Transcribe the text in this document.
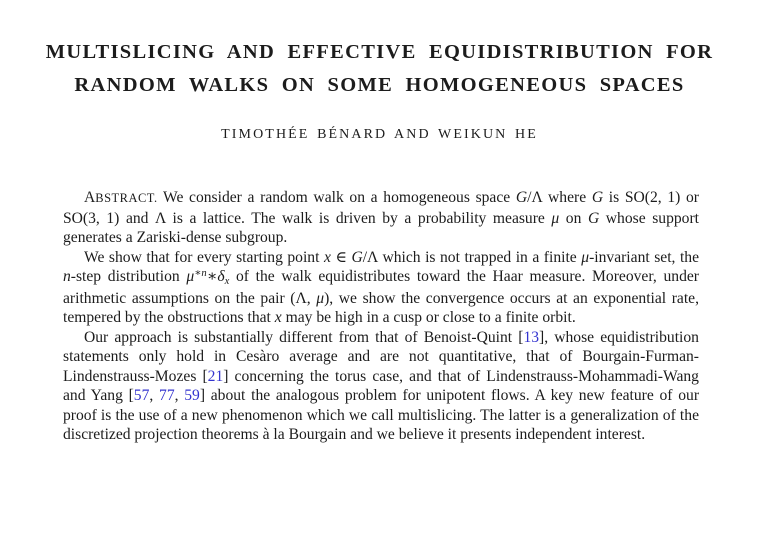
MULTISLICING AND EFFECTIVE EQUIDISTRIBUTION FOR
RANDOM WALKS ON SOME HOMOGENEOUS SPACES
TIMOTHÉE BÉNARD AND WEIKUN HE

ABSTRACT. We consider a random walk on a homogeneous space G/Λ where G is SO(2, 1) or SO(3, 1) and Λ is a lattice. The walk is driven by a probability measure μ on G whose support generates a Zariski-dense subgroup.

We show that for every starting point x ∈ G/Λ which is not trapped in a finite μ-invariant set, the n-step distribution $\mu^{∗n}∗\delta x$ of the walk equidistributes toward the Haar measure. Moreover, under arithmetic assumptions on the pair (Λ, μ), we show the convergence occurs at an exponential rate, tempered by the obstructions that x may be high in a cusp or close to a finite orbit.

Our approach is substantially different from that of Benoist-Quint [13], whose equidistribution statements only hold in Cesàro average and are not quantitative, that of Bourgain-Furman-Lindenstrauss-Mozes [21] concerning the torus case, and that of Lindenstrauss-Mohammadi-Wang and Yang [57, 77, 59] about the analogous problem for unipotent flows. A key new feature of our proof is the use of a new phenomenon which we call multislicing. The latter is a generalization of the discretized projection theorems à la Bourgain and we believe it presents independent interest.
